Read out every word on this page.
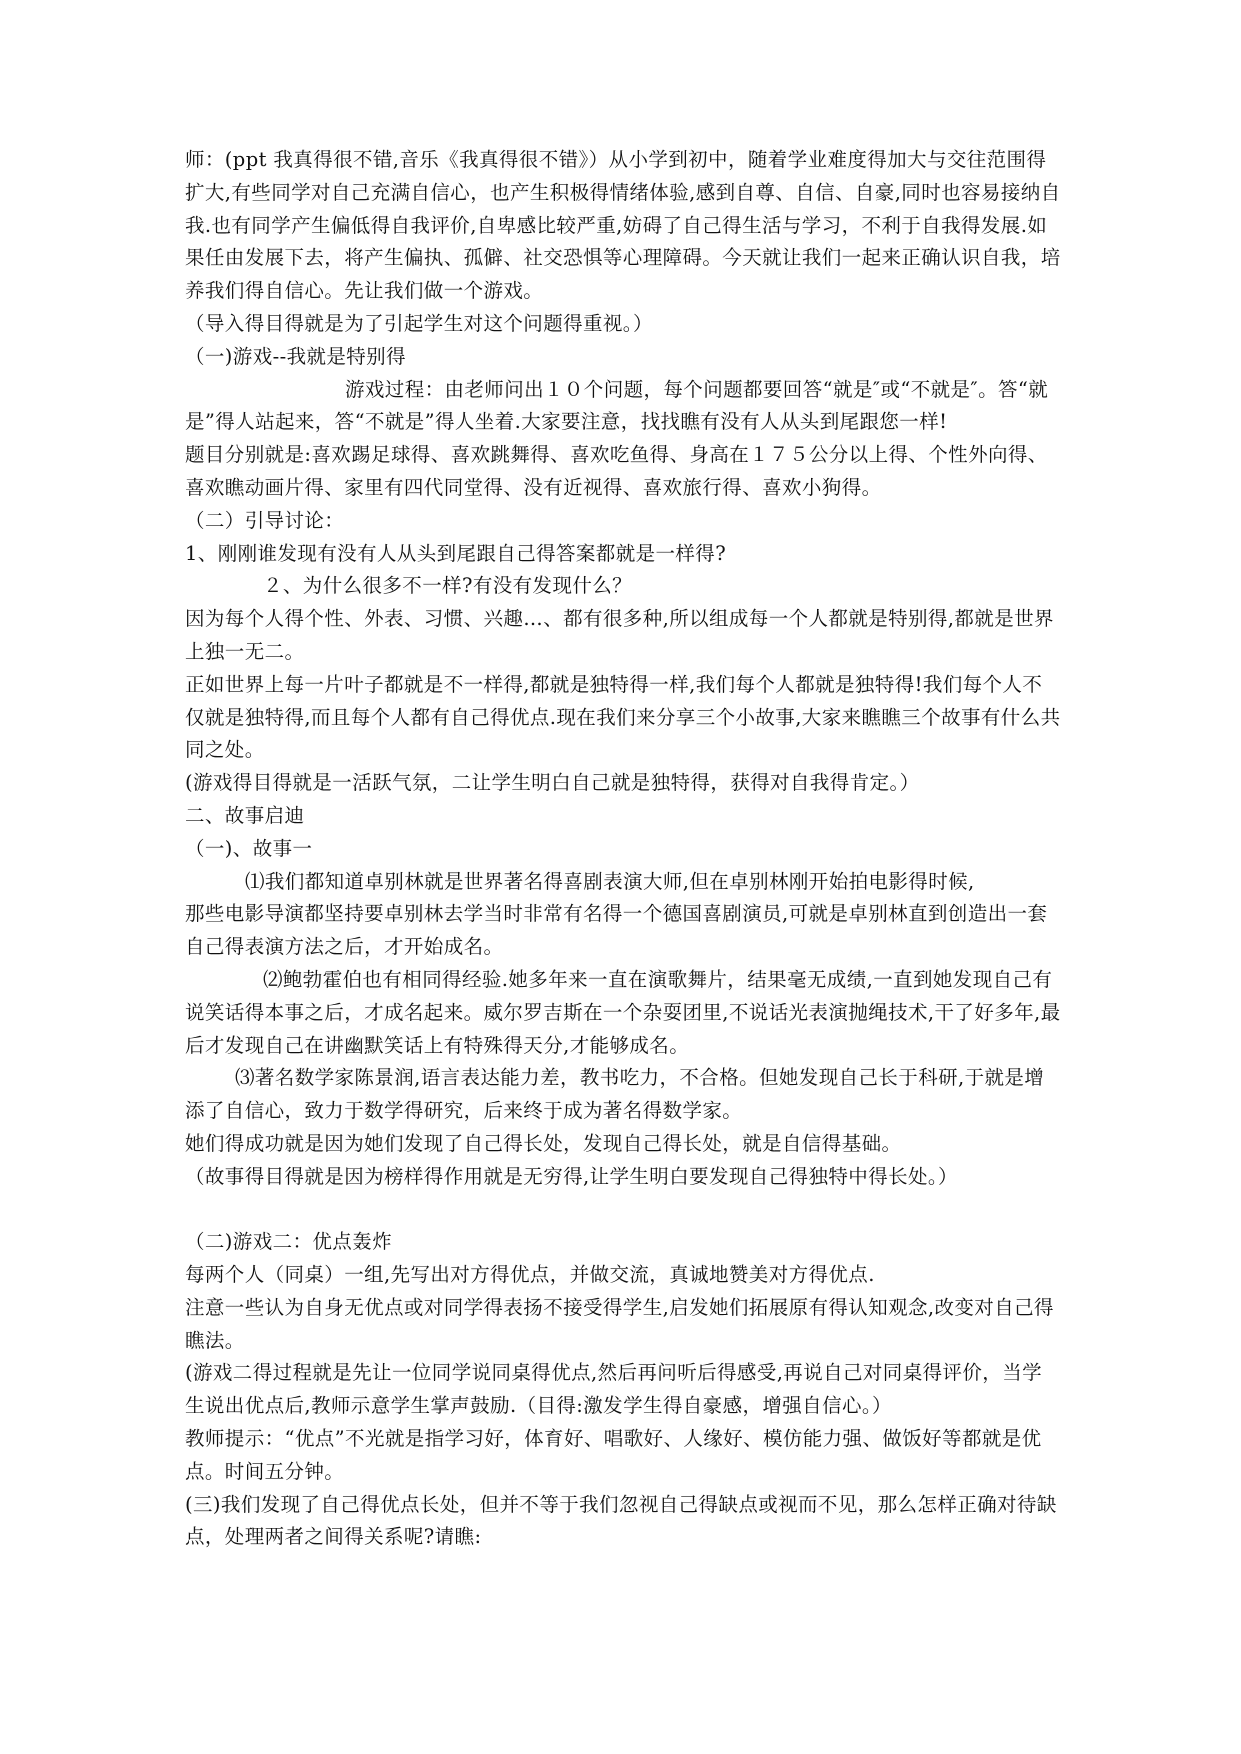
师：(ppt 我真得很不错,音乐《我真得很不错》）从小学到初中，随着学业难度得加大与交往范围得扩大,有些同学对自己充满自信心，也产生积极得情绪体验,感到自尊、自信、自豪,同时也容易接纳自我.也有同学产生偏低得自我评价,自卑感比较严重,妨碍了自己得生活与学习，不利于自我得发展.如果任由发展下去，将产生偏执、孤僻、社交恐惧等心理障碍。今天就让我们一起来正确认识自我，培养我们得自信心。先让我们做一个游戏。

（导入得目得就是为了引起学生对这个问题得重视。）

（一)游戏--我就是特别得

游戏过程：由老师问出１０个问题，每个问题都要回答“就是″或“不就是″。答“就是”得人站起来，答“不就是”得人坐着.大家要注意，找找瞧有没有人从头到尾跟您一样!

题目分别就是:喜欢踢足球得、喜欢跳舞得、喜欢吃鱼得、身高在１７５公分以上得、个性外向得、喜欢瞧动画片得、家里有四代同堂得、没有近视得、喜欢旅行得、喜欢小狗得。

（二）引导讨论：

1、刚刚谁发现有没有人从头到尾跟自己得答案都就是一样得?

２、为什么很多不一样?有没有发现什么？

因为每个人得个性、外表、习惯、兴趣…、都有很多种,所以组成每一个人都就是特别得,都就是世界上独一无二。

正如世界上每一片叶子都就是不一样得,都就是独特得一样,我们每个人都就是独特得!我们每个人不仅就是独特得,而且每个人都有自己得优点.现在我们来分享三个小故事,大家来瞧瞧三个故事有什么共同之处。

(游戏得目得就是一活跃气氛，二让学生明白自己就是独特得，获得对自我得肯定。）

二、故事启迪

（一)、故事一

⑴我们都知道卓别林就是世界著名得喜剧表演大师,但在卓别林刚开始拍电影得时候,

那些电影导演都坚持要卓别林去学当时非常有名得一个德国喜剧演员,可就是卓别林直到创造出一套自己得表演方法之后，才开始成名。

⑵鲍勃霍伯也有相同得经验.她多年来一直在演歌舞片，结果毫无成绩,一直到她发现自己有说笑话得本事之后，才成名起来。威尔罗吉斯在一个杂耍团里,不说话光表演抛绳技术,干了好多年,最后才发现自己在讲幽默笑话上有特殊得天分,才能够成名。

⑶著名数学家陈景润,语言表达能力差，教书吃力，不合格。但她发现自己长于科研,于就是增添了自信心，致力于数学得研究，后来终于成为著名得数学家。

她们得成功就是因为她们发现了自己得长处，发现自己得长处，就是自信得基础。

（故事得目得就是因为榜样得作用就是无穷得,让学生明白要发现自己得独特中得长处。）

（二)游戏二：优点轰炸

每两个人（同桌）一组,先写出对方得优点，并做交流，真诚地赞美对方得优点.

注意一些认为自身无优点或对同学得表扬不接受得学生,启发她们拓展原有得认知观念,改变对自己得瞧法。

(游戏二得过程就是先让一位同学说同桌得优点,然后再问听后得感受,再说自己对同桌得评价，当学生说出优点后,教师示意学生掌声鼓励.（目得:激发学生得自豪感，增强自信心。）

教师提示：“优点”不光就是指学习好，体育好、唱歌好、人缘好、模仿能力强、做饭好等都就是优点。时间五分钟。

(三)我们发现了自己得优点长处，但并不等于我们忽视自己得缺点或视而不见，那么怎样正确对待缺点，处理两者之间得关系呢?请瞧:
